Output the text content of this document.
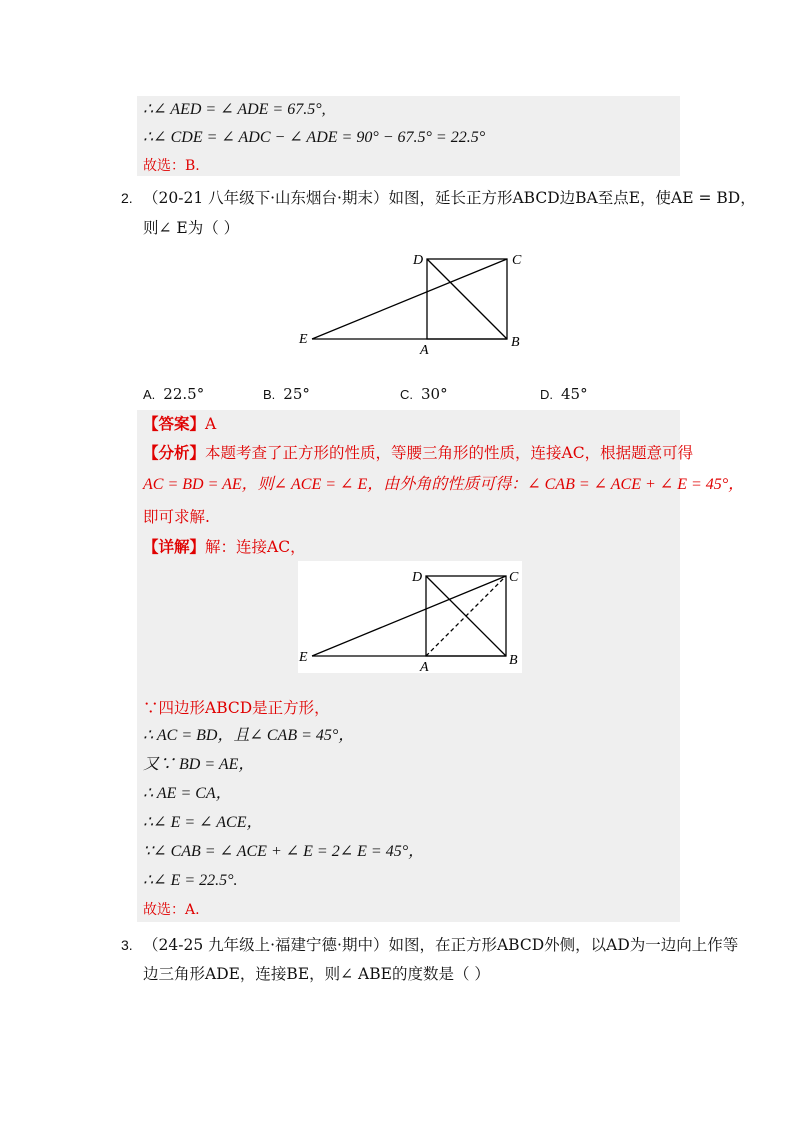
∴∠ AED = ∠ ADE = 67.5°,
∴∠ CDE = ∠ ADC − ∠ ADE = 90° − 67.5° = 22.5°
故选：B.
2. （20-21 八年级下·山东烟台·期末）如图，延长正方形ABCD边BA至点E，使AE = BD，
则∠ E为（ ）
D	C
E
A
B
A. 22.5°	B. 25°	C. 30°	D. 45°
【答案】A
【分析】本题考查了正方形的性质，等腰三角形的性质，连接AC，根据题意可得
AC = BD = AE，则∠ ACE = ∠ E，由外角的性质可得：∠ CAB = ∠ ACE + ∠ E = 45°，
即可求解.
【详解】解：连接AC，
D	C
E
A	B
∵四边形ABCD是正方形，
∴ AC = BD，且∠ CAB = 45°，
又∵ BD = AE，
∴ AE = CA，
∴∠ E = ∠ ACE，
∵∠ CAB = ∠ ACE + ∠ E = 2∠ E = 45°，
∴∠ E = 22.5°.
故选：A.
3. （24-25 九年级上·福建宁德·期中）如图，在正方形ABCD外侧，以AD为一边向上作等
边三角形ADE，连接BE，则∠ ABE的度数是（ ）
